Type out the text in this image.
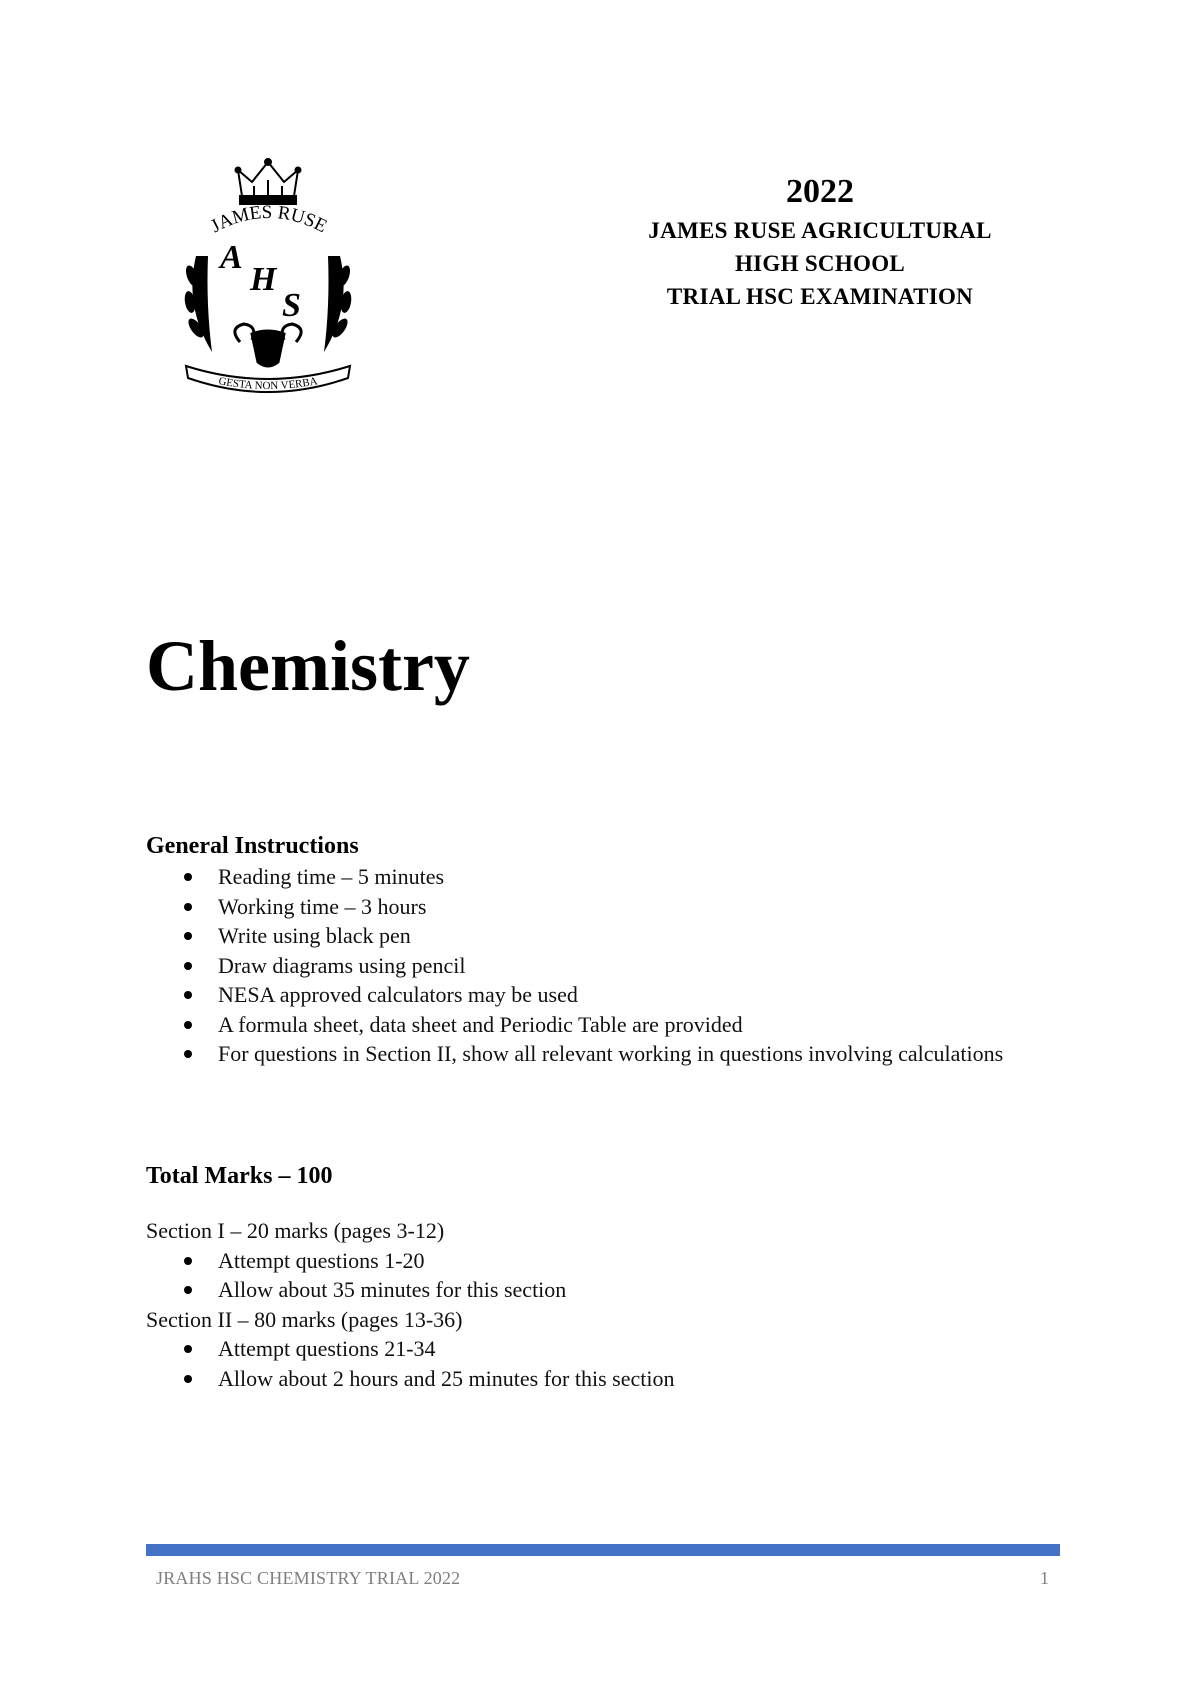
JAMES RUSE
A
H
S
GESTA NON VERBA
2022
JAMES RUSE AGRICULTURAL
HIGH SCHOOL
TRIAL HSC EXAMINATION
Chemistry
General Instructions
Reading time – 5 minutes
Working time – 3 hours
Write using black pen
Draw diagrams using pencil
NESA approved calculators may be used
A formula sheet, data sheet and Periodic Table are provided
For questions in Section II, show all relevant working in questions involving calculations
Total Marks – 100
Section I – 20 marks (pages 3-12)
Attempt questions 1-20
Allow about 35 minutes for this section
Section II – 80 marks (pages 13-36)
Attempt questions 21-34
Allow about 2 hours and 25 minutes for this section
JRAHS HSC CHEMISTRY TRIAL 2022	1
